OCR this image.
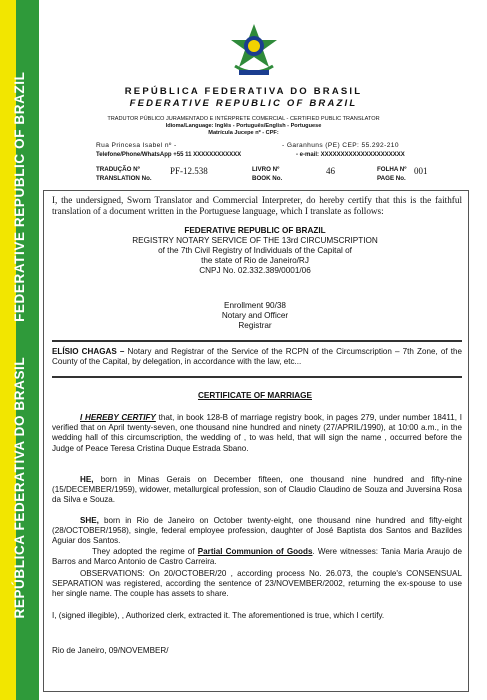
REPÚBLICA FEDERATIVA DO BRASIL        FEDERATIVE REPUBLIC OF BRAZIL	REPÚBLICA FEDERATIVA DO BRASIL
FEDERATIVE REPUBLIC OF BRAZIL
TRADUTOR PÚBLICO JURAMENTADO E INTÉRPRETE COMERCIAL - CERTIFIED PUBLIC TRANSLATOR
Idioma/Language: Inglês - Português/English - Portuguese
Matrícula Jucepe nº - CPF:
Rua Princesa Isabel nº -	- Garanhuns (PE) CEP: 55.292-210
Telefone/Phone/WhatsApp +55 11 XXXXXXXXXXXX	- e-mail: XXXXXXXXXXXXXXXXXXXXX
TRADUÇÃO Nº
TRANSLATION No.
PF-12.538	LIVRO Nº
BOOK No.
46	FOLHA Nº
PAGE No.
001
I, the undersigned, Sworn Translator and Commercial Interpreter, do hereby certify that this is the faithful translation of a document written in the Portuguese language, which I translate as follows:
FEDERATIVE REPUBLIC OF BRAZIL
REGISTRY NOTARY SERVICE OF THE 13rd CIRCUMSCRIPTION
of the 7th Civil Registry of Individuals of the Capital of
the state of Rio de Janeiro/RJ
CNPJ No. 02.332.389/0001/06
Enrollment 90/38
Notary and Officer
Registrar
ELÍSIO CHAGAS – Notary and Registrar of the Service of the RCPN of the Circumscription – 7th Zone, of the County of the Capital, by delegation, in accordance with the law, etc...
CERTIFICATE OF MARRIAGE
I HEREBY CERTIFY that, in book 128-B of marriage registry book, in pages 279, under number 18411, I verified that on April twenty-seven, one thousand nine hundred and ninety (27/APRIL/1990), at 10:00 a.m., in the wedding hall of this circumscription, the wedding of , to was held, that will sign the name , occurred before the Judge of Peace Teresa Cristina Duque Estrada Sbano.
HE, born in Minas Gerais on December fifteen, one thousand nine hundred and fifty-nine (15/DECEMBER/1959), widower, metallurgical profession, son of Claudio Claudino de Souza and Juversina Rosa da Silva e Souza.
SHE, born in Rio de Janeiro on October twenty-eight, one thousand nine hundred and fifty-eight (28/OCTOBER/1958), single, federal employee profession, daughter of José Baptista dos Santos and Bazildes Aguiar dos Santos.
They adopted the regime of Partial Communion of Goods. Were witnesses: Tania Maria Araujo de Barros and Marco Antonio de Castro Carreira.
OBSERVATIONS: On 20/OCTOBER/20 , according process No. 26.073, the couple's CONSENSUAL SEPARATION was registered, according the sentence of 23/NOVEMBER/2002, returning the ex-spouse to use her single name. The couple has assets to share.
I, (signed illegible), , Authorized clerk, extracted it. The aforementioned is true, which I certify.
Rio de Janeiro, 09/NOVEMBER/
